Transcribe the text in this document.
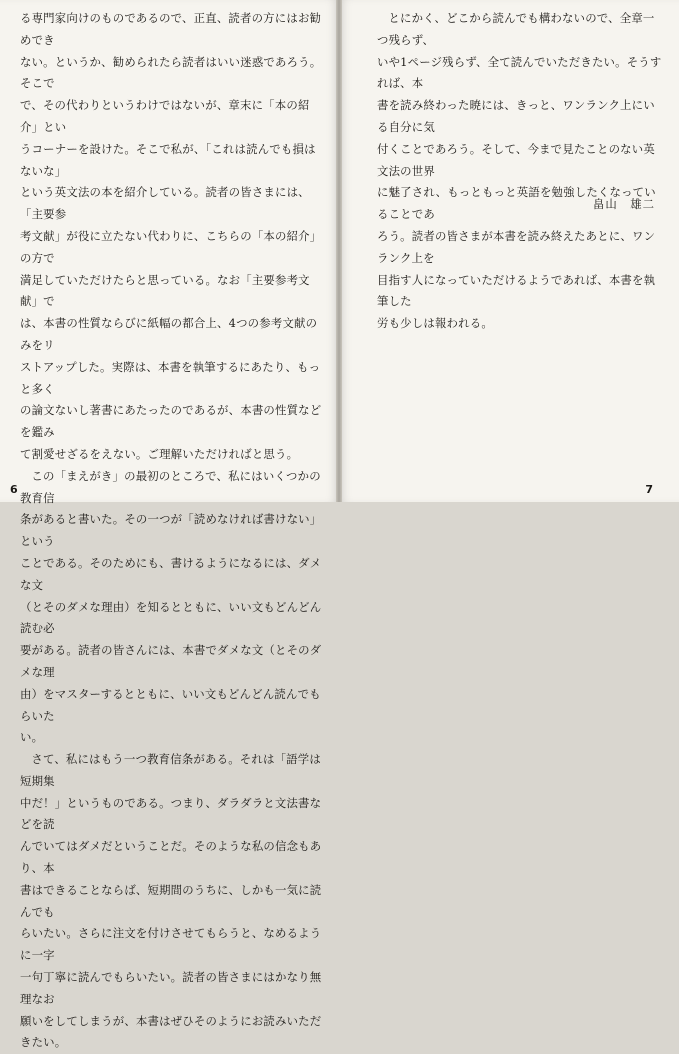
る専門家向けのものであるので、正直、読者の方にはお勧めでき
ない。というか、勧められたら読者はいい迷惑であろう。そこで
で、その代わりというわけではないが、章末に「本の紹介」とい
うコーナーを設けた。そこで私が、「これは読んでも損はないな」
という英文法の本を紹介している。読者の皆さまには、「主要参
考文献」が役に立たない代わりに、こちらの「本の紹介」の方で
満足していただけたらと思っている。なお「主要参考文献」で
は、本書の性質ならびに紙幅の都合上、4つの参考文献のみをリ
ストアップした。実際は、本書を執筆するにあたり、もっと多く
の論文ないし著書にあたったのであるが、本書の性質などを鑑み
て割愛せざるをえない。ご理解いただければと思う。

この「まえがき」の最初のところで、私にはいくつかの教育信
条があると書いた。その一つが「読めなければ書けない」という
ことである。そのためにも、書けるようになるには、ダメな文
（とそのダメな理由）を知るとともに、いい文もどんどん読む必
要がある。読者の皆さんには、本書でダメな文（とそのダメな理
由）をマスターするとともに、いい文もどんどん読んでもらいた
い。

さて、私にはもう一つ教育信条がある。それは「語学は短期集
中だ！」というものである。つまり、ダラダラと文法書などを読
んでいてはダメだということだ。そのような私の信念もあり、本
書はできることならば、短期間のうちに、しかも一気に読んでも
らいたい。さらに注文を付けさせてもらうと、なめるように一字
一句丁寧に読んでもらいたい。読者の皆さまにはかなり無理なお
願いをしてしまうが、本書はぜひそのようにお読みいただきたい。

6

とにかく、どこから読んでも構わないので、全章一つ残らず、
いや1ページ残らず、全て読んでいただきたい。そうすれば、本
書を読み終わった暁には、きっと、ワンランク上にいる自分に気
付くことであろう。そして、今まで見たことのない英文法の世界
に魅了され、もっともっと英語を勉強したくなっていることであ
ろう。読者の皆さまが本書を読み終えたあとに、ワンランク上を
目指す人になっていただけるようであれば、本書を執筆した
労も少しは報われる。

畠山　雄二
7
